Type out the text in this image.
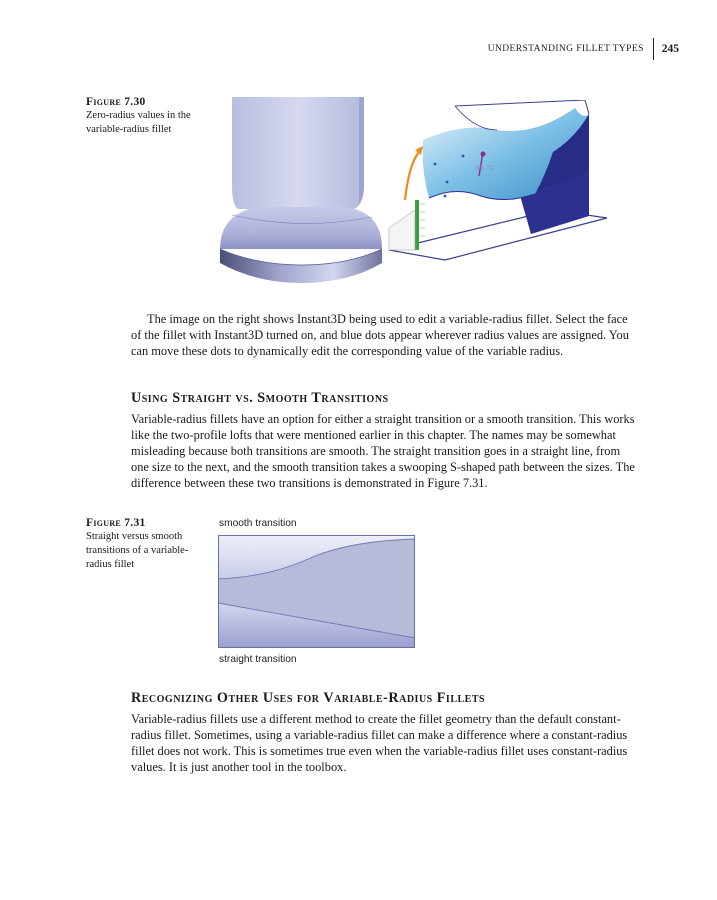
UNDERSTANDING FILLET TYPES 245
Figure 7.30
Zero-radius values in the variable-radius fillet
R5.70

The image on the right shows Instant3D being used to edit a variable-radius fillet. Select the face of the fillet with Instant3D turned on, and blue dots appear wherever radius values are assigned. You can move these dots to dynamically edit the corresponding value of the variable radius.

Using Straight vs. Smooth Transitions

Variable-radius fillets have an option for either a straight transition or a smooth transition. This works like the two-profile lofts that were mentioned earlier in this chapter. The names may be somewhat misleading because both transitions are smooth. The straight transition goes in a straight line, from one size to the next, and the smooth transition takes a swooping S-shaped path between the sizes. The difference between these two transitions is demonstrated in Figure 7.31.

Figure 7.31
Straight versus smooth transitions of a variable-radius fillet
smooth transition
straight transition
Recognizing Other Uses for Variable-Radius Fillets

Variable-radius fillets use a different method to create the fillet geometry than the default constant-radius fillet. Sometimes, using a variable-radius fillet can make a difference where a constant-radius fillet does not work. This is sometimes true even when the variable-radius fillet uses constant-radius values. It is just another tool in the toolbox.
